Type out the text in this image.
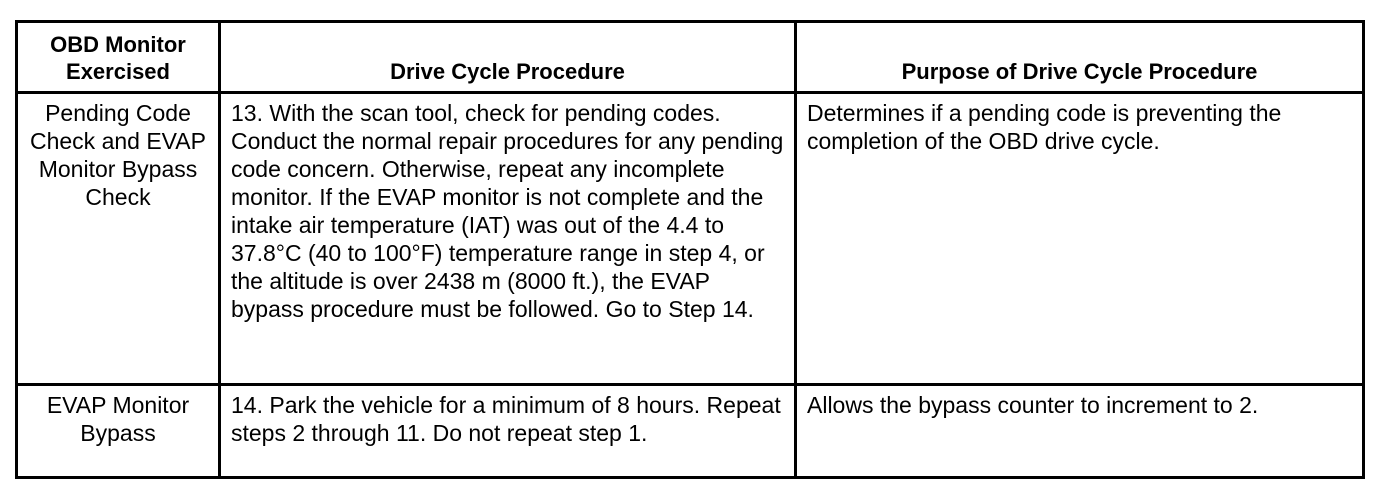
OBD Monitor Exercised	Drive Cycle Procedure	Purpose of Drive Cycle Procedure
Pending Code Check and EVAP Monitor Bypass Check	13. With the scan tool, check for pending codes. Conduct the normal repair procedures for any pending code concern. Otherwise, repeat any incomplete monitor. If the EVAP monitor is not complete and the intake air temperature (IAT) was out of the 4.4 to 37.8°C (40 to 100°F) temperature range in step 4, or the altitude is over 2438 m (8000 ft.), the EVAP bypass procedure must be followed. Go to Step 14.	Determines if a pending code is preventing the completion of the OBD drive cycle.
EVAP Monitor Bypass	14. Park the vehicle for a minimum of 8 hours. Repeat steps 2 through 11. Do not repeat step 1.	Allows the bypass counter to increment to 2.
